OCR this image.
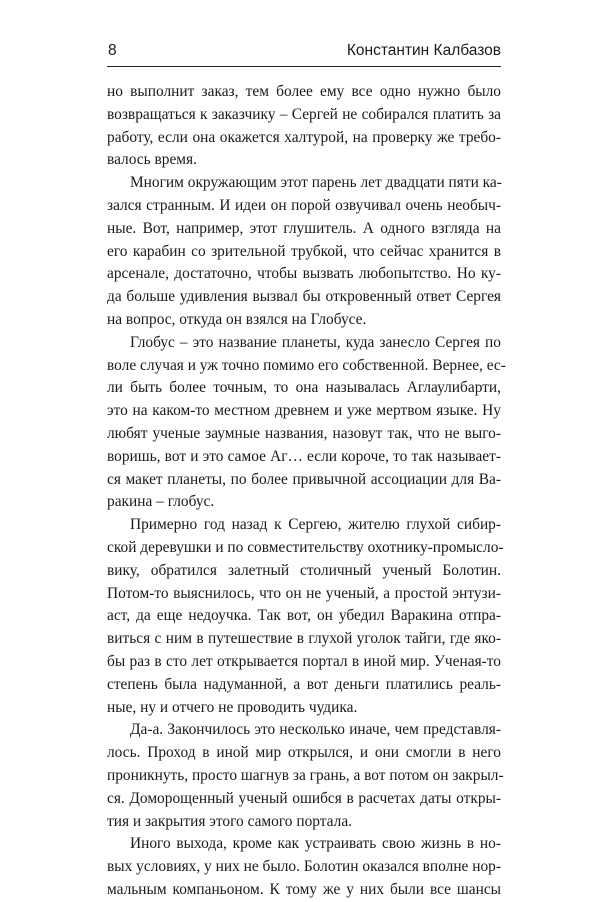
8	Константин Калбазов
но выполнит заказ, тем более ему все одно нужно было
возвращаться к заказчику – Сергей не собирался платить за
работу, если она окажется халтурой, на проверку же требо-
валось время.
Многим окружающим этот парень лет двадцати пяти ка-
зался странным. И идеи он порой озвучивал очень необыч-
ные. Вот, например, этот глушитель. А одного взгляда на
его карабин со зрительной трубкой, что сейчас хранится в
арсенале, достаточно, чтобы вызвать любопытство. Но ку-
да больше удивления вызвал бы откровенный ответ Сергея
на вопрос, откуда он взялся на Глобусе.
Глобус – это название планеты, куда занесло Сергея по
воле случая и уж точно помимо его собственной. Вернее, ес-
ли быть более точным, то она называлась Аглаулибарти,
это на каком-то местном древнем и уже мертвом языке. Ну
любят ученые заумные названия, назовут так, что не выго-
воришь, вот и это самое Аг… если короче, то так называет-
ся макет планеты, по более привычной ассоциации для Ва-
ракина – глобус.
Примерно год назад к Сергею, жителю глухой сибир-
ской деревушки и по совместительству охотнику-промысло-
вику, обратился залетный столичный ученый Болотин.
Потом-то выяснилось, что он не ученый, а простой энтузи-
аст, да еще недоучка. Так вот, он убедил Варакина отпра-
виться с ним в путешествие в глухой уголок тайги, где яко-
бы раз в сто лет открывается портал в иной мир. Ученая-то
степень была надуманной, а вот деньги платились реаль-
ные, ну и отчего не проводить чудика.
Да-а. Закончилось это несколько иначе, чем представля-
лось. Проход в иной мир открылся, и они смогли в него
проникнуть, просто шагнув за грань, а вот потом он закрыл-
ся. Доморощенный ученый ошибся в расчетах даты откры-
тия и закрытия этого самого портала.
Иного выхода, кроме как устраивать свою жизнь в но-
вых условиях, у них не было. Болотин оказался вполне нор-
мальным компаньоном. К тому же у них были все шансы
